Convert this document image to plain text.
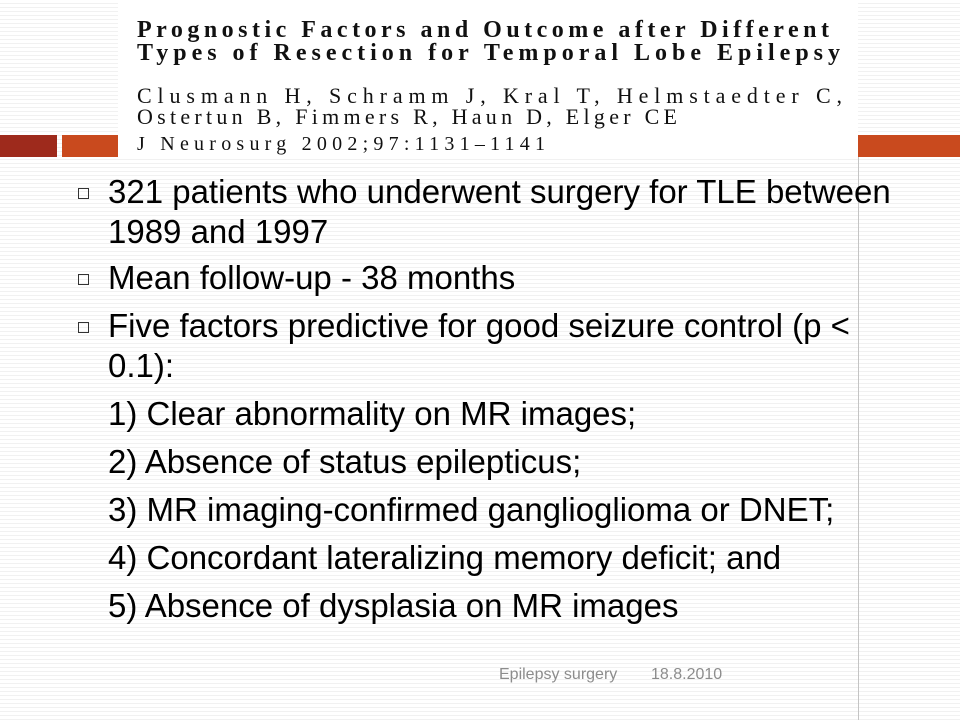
Prognostic Factors and Outcome after Different
Types of Resection for Temporal Lobe Epilepsy
Clusmann H, Schramm J, Kral T, Helmstaedter C,
Ostertun B, Fimmers R, Haun D, Elger CE
J Neurosurg 2002;97:1131–1141
321 patients who underwent surgery for TLE between 1989 and 1997
Mean follow-up - 38 months
Five factors predictive for good seizure control (p < 0.1):
1) Clear abnormality on MR images;
2) Absence of status epilepticus;
3) MR imaging-confirmed ganglioglioma or DNET;
4) Concordant lateralizing memory deficit; and
5) Absence of dysplasia on MR images
Epilepsy surgery 18.8.2010
